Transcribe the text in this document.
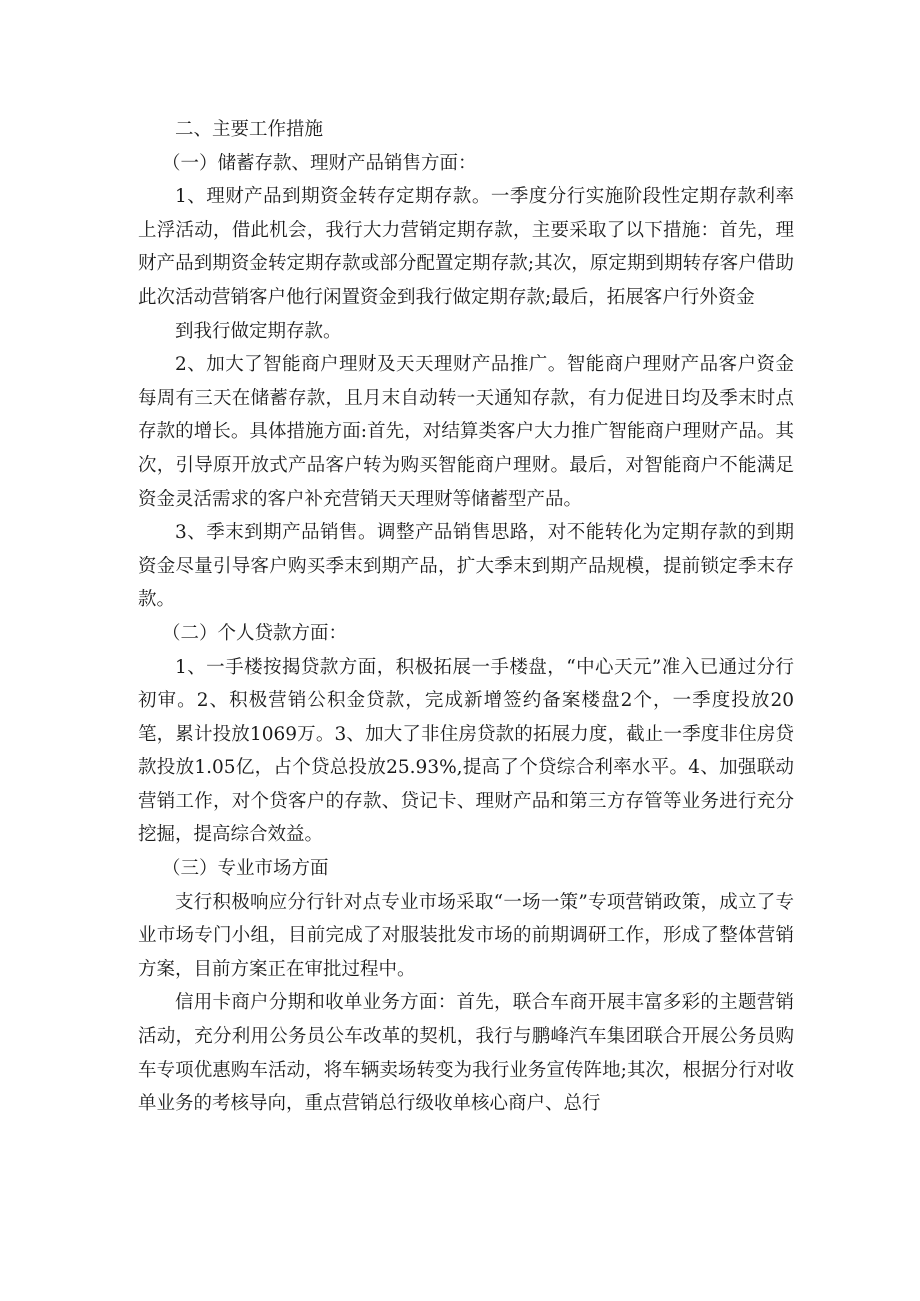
二、主要工作措施

（一）储蓄存款、理财产品销售方面：

1、理财产品到期资金转存定期存款。一季度分行实施阶段性定期存款利率上浮活动，借此机会，我行大力营销定期存款，主要采取了以下措施：首先，理财产品到期资金转定期存款或部分配置定期存款;其次，原定期到期转存客户借助此次活动营销客户他行闲置资金到我行做定期存款;最后，拓展客户行外资金

到我行做定期存款。

2、加大了智能商户理财及天天理财产品推广。智能商户理财产品客户资金每周有三天在储蓄存款，且月末自动转一天通知存款，有力促进日均及季末时点存款的增长。具体措施方面:首先，对结算类客户大力推广智能商户理财产品。其次，引导原开放式产品客户转为购买智能商户理财。最后，对智能商户不能满足资金灵活需求的客户补充营销天天理财等储蓄型产品。

3、季末到期产品销售。调整产品销售思路，对不能转化为定期存款的到期资金尽量引导客户购买季末到期产品，扩大季末到期产品规模，提前锁定季末存款。

（二）个人贷款方面：

1、一手楼按揭贷款方面，积极拓展一手楼盘，“中心天元”准入已通过分行初审。2、积极营销公积金贷款，完成新增签约备案楼盘2个，一季度投放20笔，累计投放1069万。3、加大了非住房贷款的拓展力度，截止一季度非住房贷款投放1.05亿，占个贷总投放25.93%,提高了个贷综合利率水平。4、加强联动营销工作，对个贷客户的存款、贷记卡、理财产品和第三方存管等业务进行充分挖掘，提高综合效益。

（三）专业市场方面

支行积极响应分行针对点专业市场采取“一场一策”专项营销政策，成立了专业市场专门小组，目前完成了对服装批发市场的前期调研工作，形成了整体营销方案，目前方案正在审批过程中。

信用卡商户分期和收单业务方面：首先，联合车商开展丰富多彩的主题营销活动，充分利用公务员公车改革的契机，我行与鹏峰汽车集团联合开展公务员购车专项优惠购车活动，将车辆卖场转变为我行业务宣传阵地;其次，根据分行对收单业务的考核导向，重点营销总行级收单核心商户、总行
